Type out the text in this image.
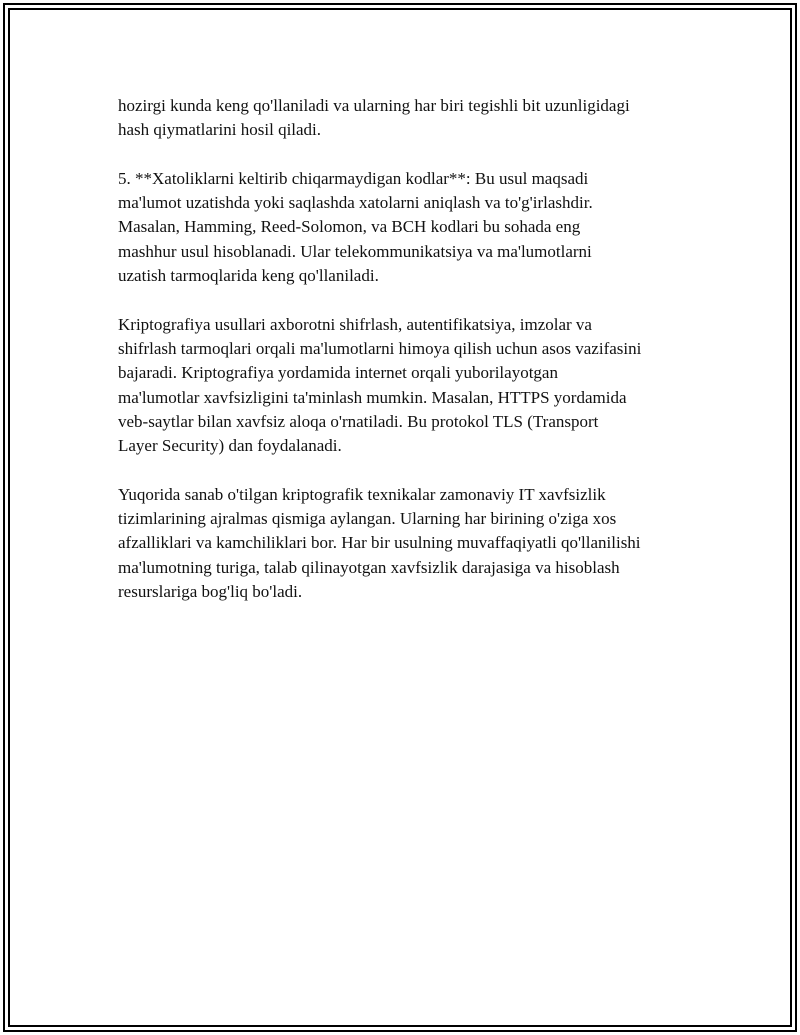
hozirgi kunda keng qo'llaniladi va ularning har biri tegishli bit uzunligidagi
hash qiymatlarini hosil qiladi.

5. **Xatoliklarni keltirib chiqarmaydigan kodlar**: Bu usul maqsadi
ma'lumot uzatishda yoki saqlashda xatolarni aniqlash va to'g'irlashdir.
Masalan, Hamming, Reed-Solomon, va BCH kodlari bu sohada eng
mashhur usul hisoblanadi. Ular telekommunikatsiya va ma'lumotlarni
uzatish tarmoqlarida keng qo'llaniladi.

Kriptografiya usullari axborotni shifrlash, autentifikatsiya, imzolar va
shifrlash tarmoqlari orqali ma'lumotlarni himoya qilish uchun asos vazifasini
bajaradi. Kriptografiya yordamida internet orqali yuborilayotgan
ma'lumotlar xavfsizligini ta'minlash mumkin. Masalan, HTTPS yordamida
veb-saytlar bilan xavfsiz aloqa o'rnatiladi. Bu protokol TLS (Transport
Layer Security) dan foydalanadi.

Yuqorida sanab o'tilgan kriptografik texnikalar zamonaviy IT xavfsizlik
tizimlarining ajralmas qismiga aylangan. Ularning har birining o'ziga xos
afzalliklari va kamchiliklari bor. Har bir usulning muvaffaqiyatli qo'llanilishi
ma'lumotning turiga, talab qilinayotgan xavfsizlik darajasiga va hisoblash
resurslariga bog'liq bo'ladi.
